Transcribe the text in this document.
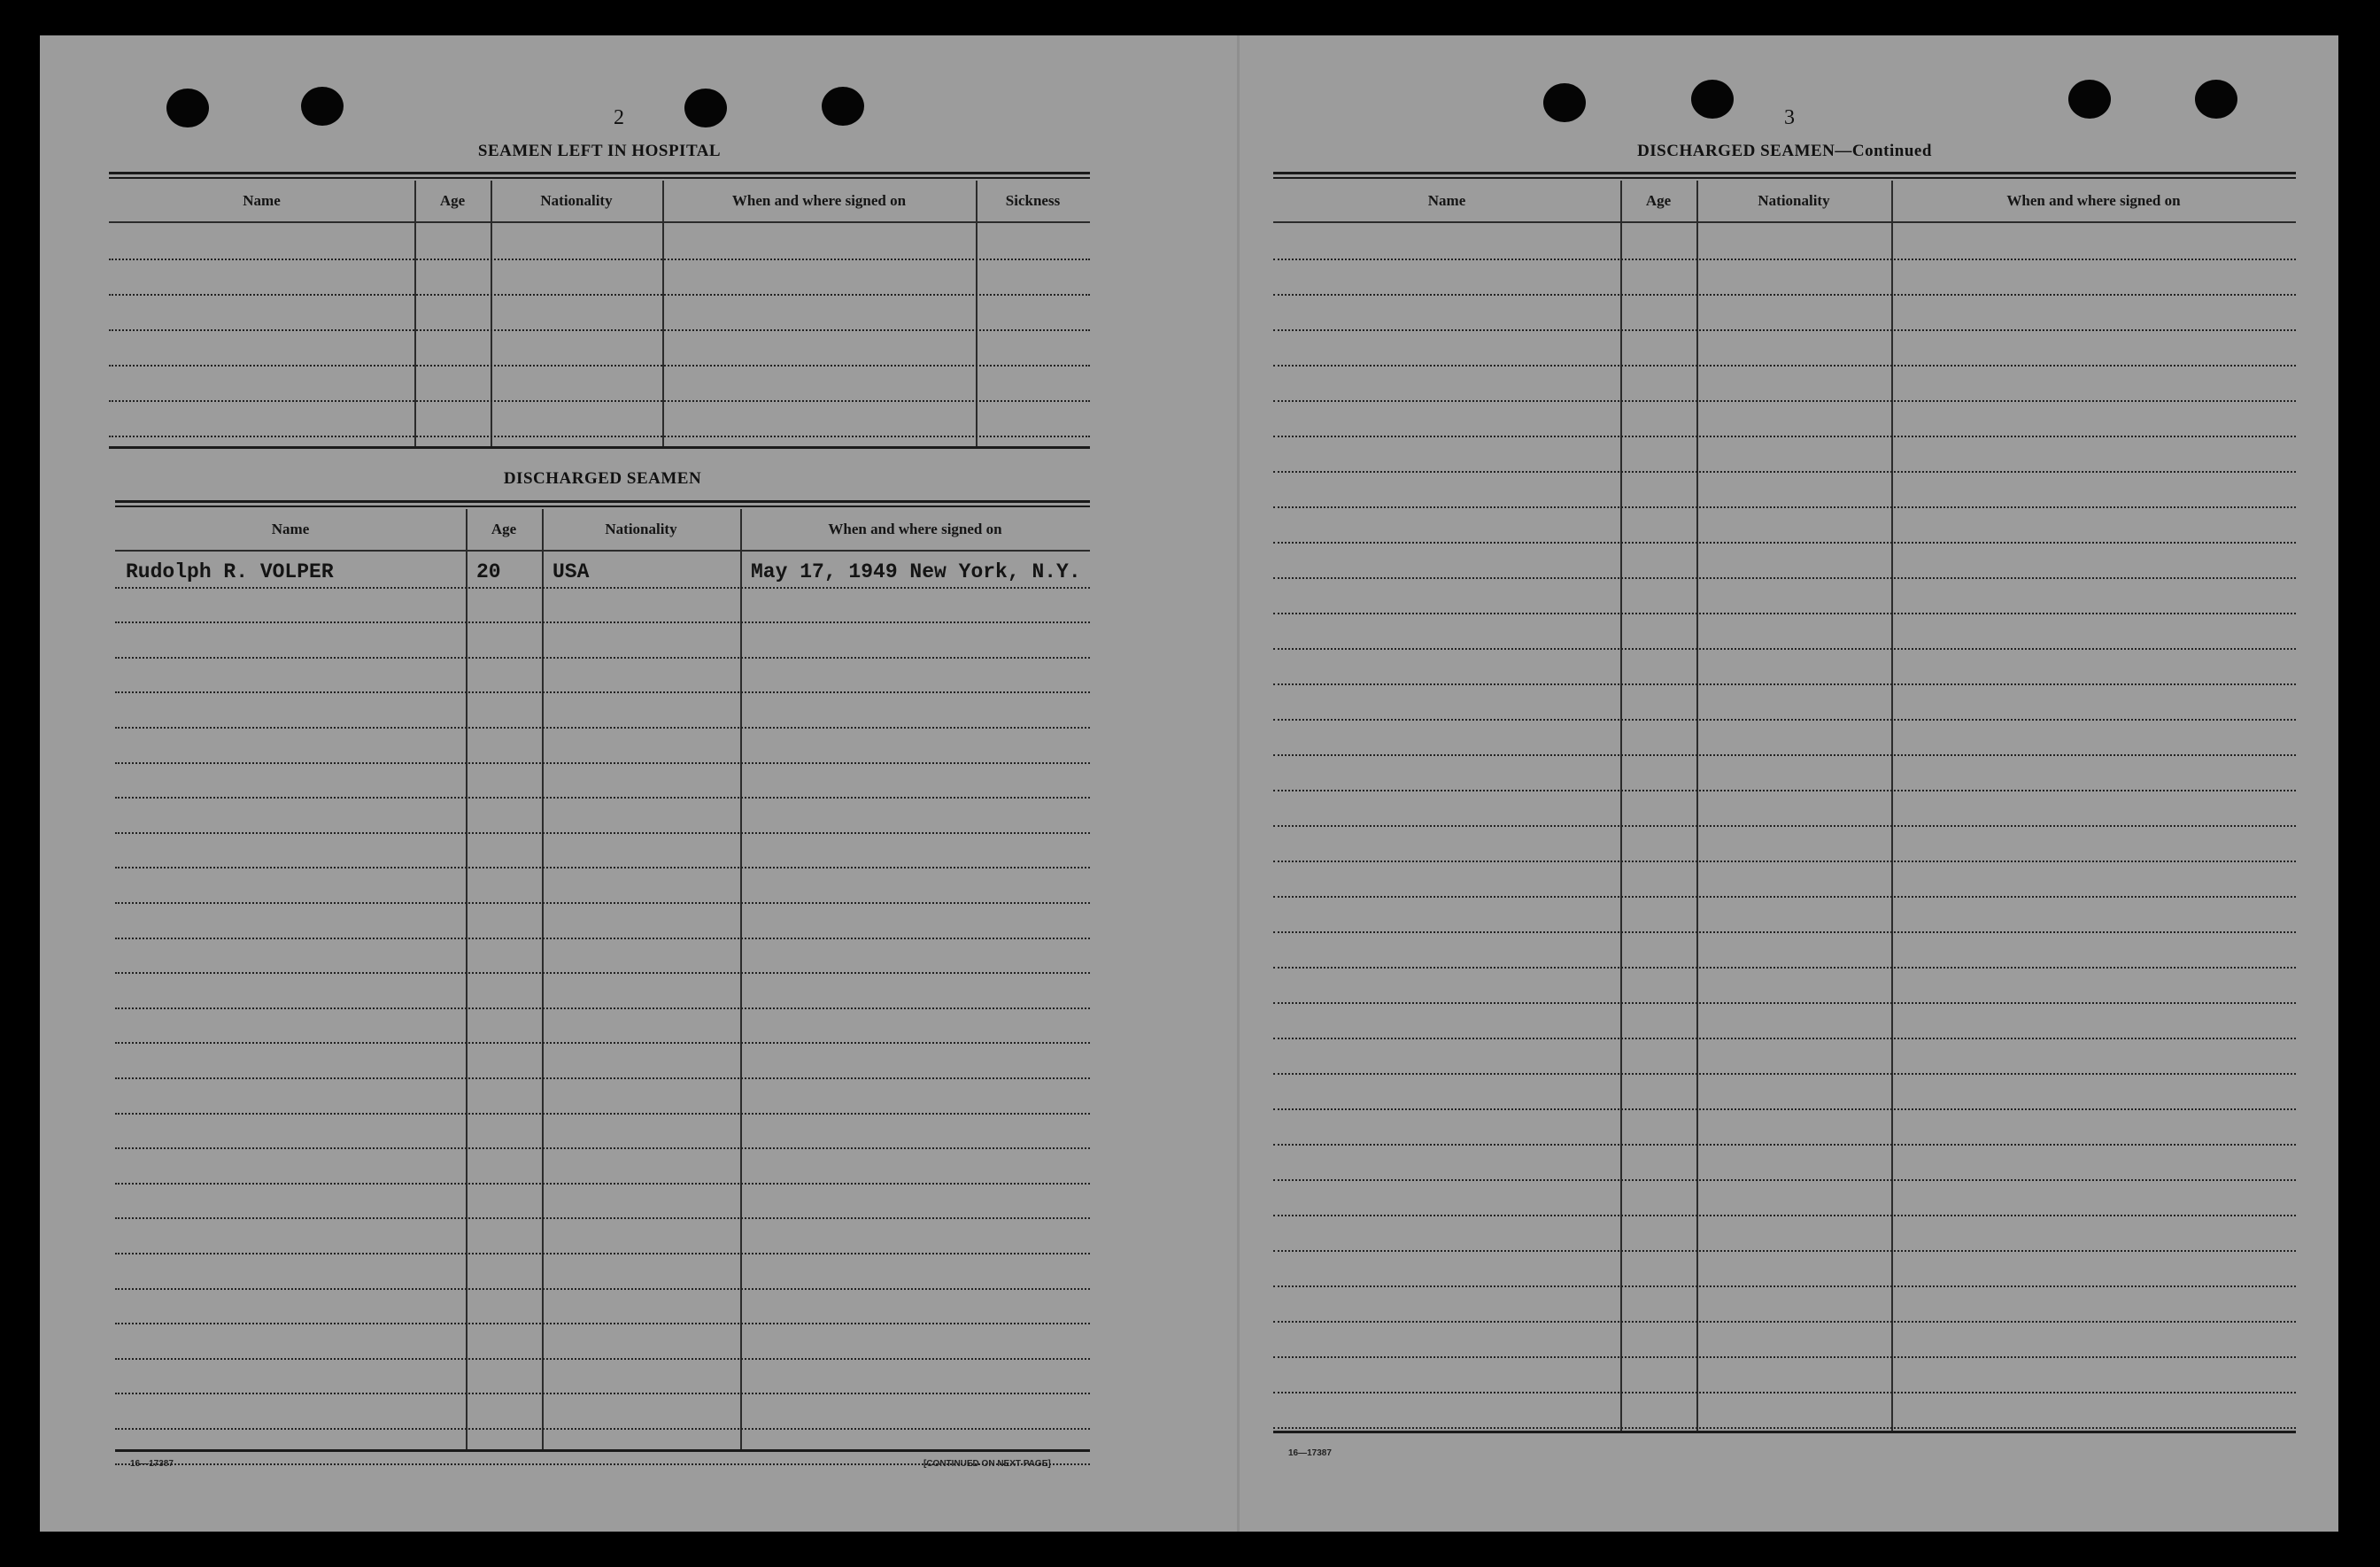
2
SEAMEN LEFT IN HOSPITAL
Name	Age	Nationality	When and where signed on	Sickness
DISCHARGED SEAMEN
Name	Age	Nationality	When and where signed on
Rudolph R. VOLPER	20	USA	May 17, 1949 New York, N.Y.
16—17387	[CONTINUED ON NEXT PAGE]
3
DISCHARGED SEAMEN—Continued
Name	Age	Nationality	When and where signed on
16—17387
